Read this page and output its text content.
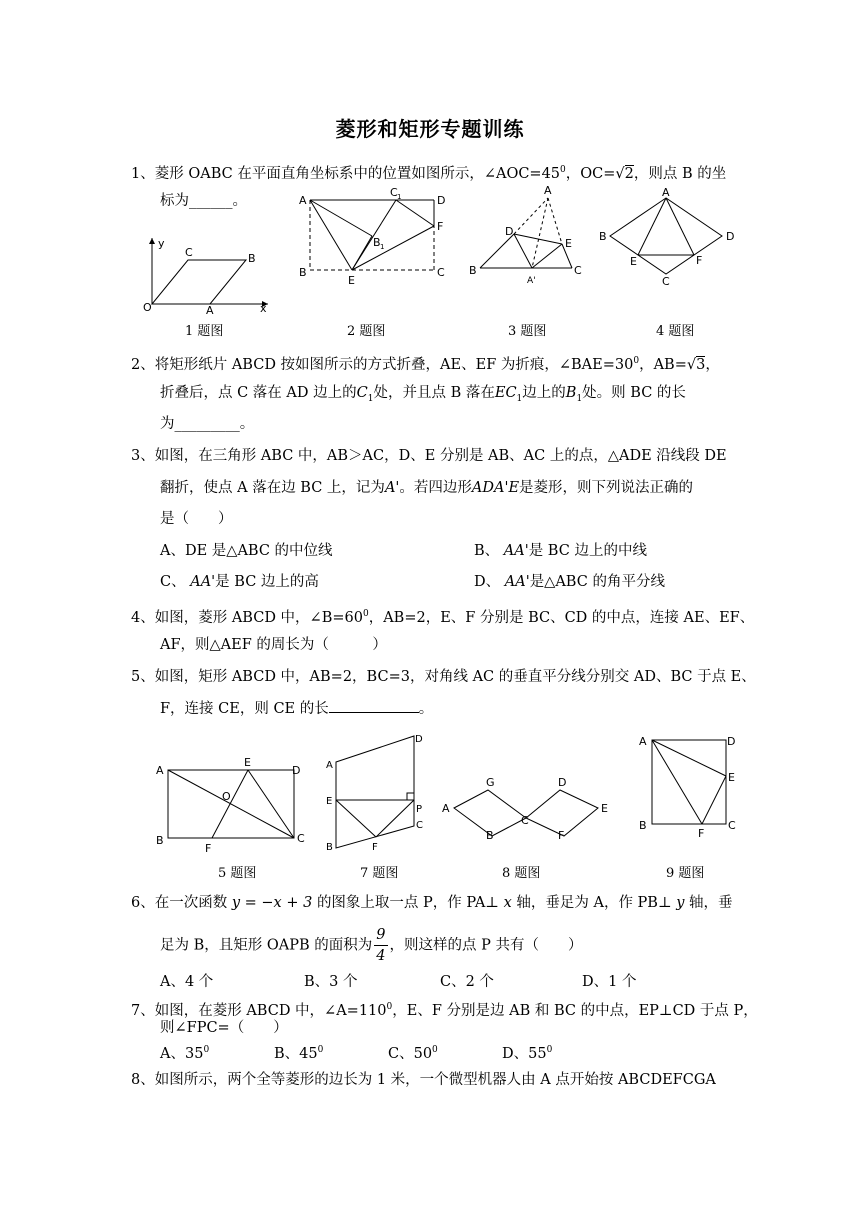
菱形和矩形专题训练
1、菱形 OABC 在平面直角坐标系中的位置如图所示，$\angle AOC=45^0$，OC=√2，则点 B 的坐
标为______。
y
x
O	A
B
C
A	D
C 1
F
B 1
B
E
C
A
D
E
B
A'
C
A
B	D
E	F
C
1 题图	2 题图	3 题图	4 题图
2、将矩形纸片 ABCD 按如图所示的方式折叠，AE、EF 为折痕，$\angle BAE=30^0$，AB=√3，
折叠后，点 C 落在 AD 边上的$C_1$处，并且点 B 落在$EC_1$边上的$B_1$处。则 BC 的长
为_________。
3、如图，在三角形 ABC 中，AB＞AC，D、E 分别是 AB、AC 上的点，△ADE 沿线段 DE
翻折，使点 A 落在边 BC 上，记为A'。若四边形ADA'E是菱形，则下列说法正确的
是（　　）
A、DE 是△ABC 的中位线	B、 AA'是 BC 边上的中线
C、 AA'是 BC 边上的高	D、 AA'是△ABC 的角平分线
4、如图，菱形 ABCD 中，$\angle B=60^0$，AB=2，E、F 分别是 BC、CD 的中点，连接 AE、EF、
AF，则△AEF 的周长为（　　　）
5、如图，矩形 ABCD 中，AB=2，BC=3，对角线 AC 的垂直平分线分别交 AD、BC 于点 E、
F，连接 CE，则 CE 的长	。
A
E
D
O
B
F
C
D
A
E
P
C
F
B
G	D
A
C
E
B	F
A	D
E
B
F
C
5 题图	7 题图	8 题图	9 题图
6、在一次函数 y = −x + 3 的图象上取一点 P，作 PA⊥ x 轴，垂足为 A，作 PB⊥ y 轴，垂
足为 B，且矩形 OAPB 的面积为 $\frac{9}{4}$ ，则这样的点 P 共有（　　）
A、4 个	B、3 个	C、2 个	D、1 个
7、如图，在菱形 ABCD 中，$\angle A=110^0$，E、F 分别是边 AB 和 BC 的中点，EP⊥CD 于点 P，
则∠FPC=（　　）
A、$35^0$	B、$45^0$	C、$50^0$	D、$55^0$
8、如图所示，两个全等菱形的边长为 1 米，一个微型机器人由 A 点开始按 ABCDEFCGA
